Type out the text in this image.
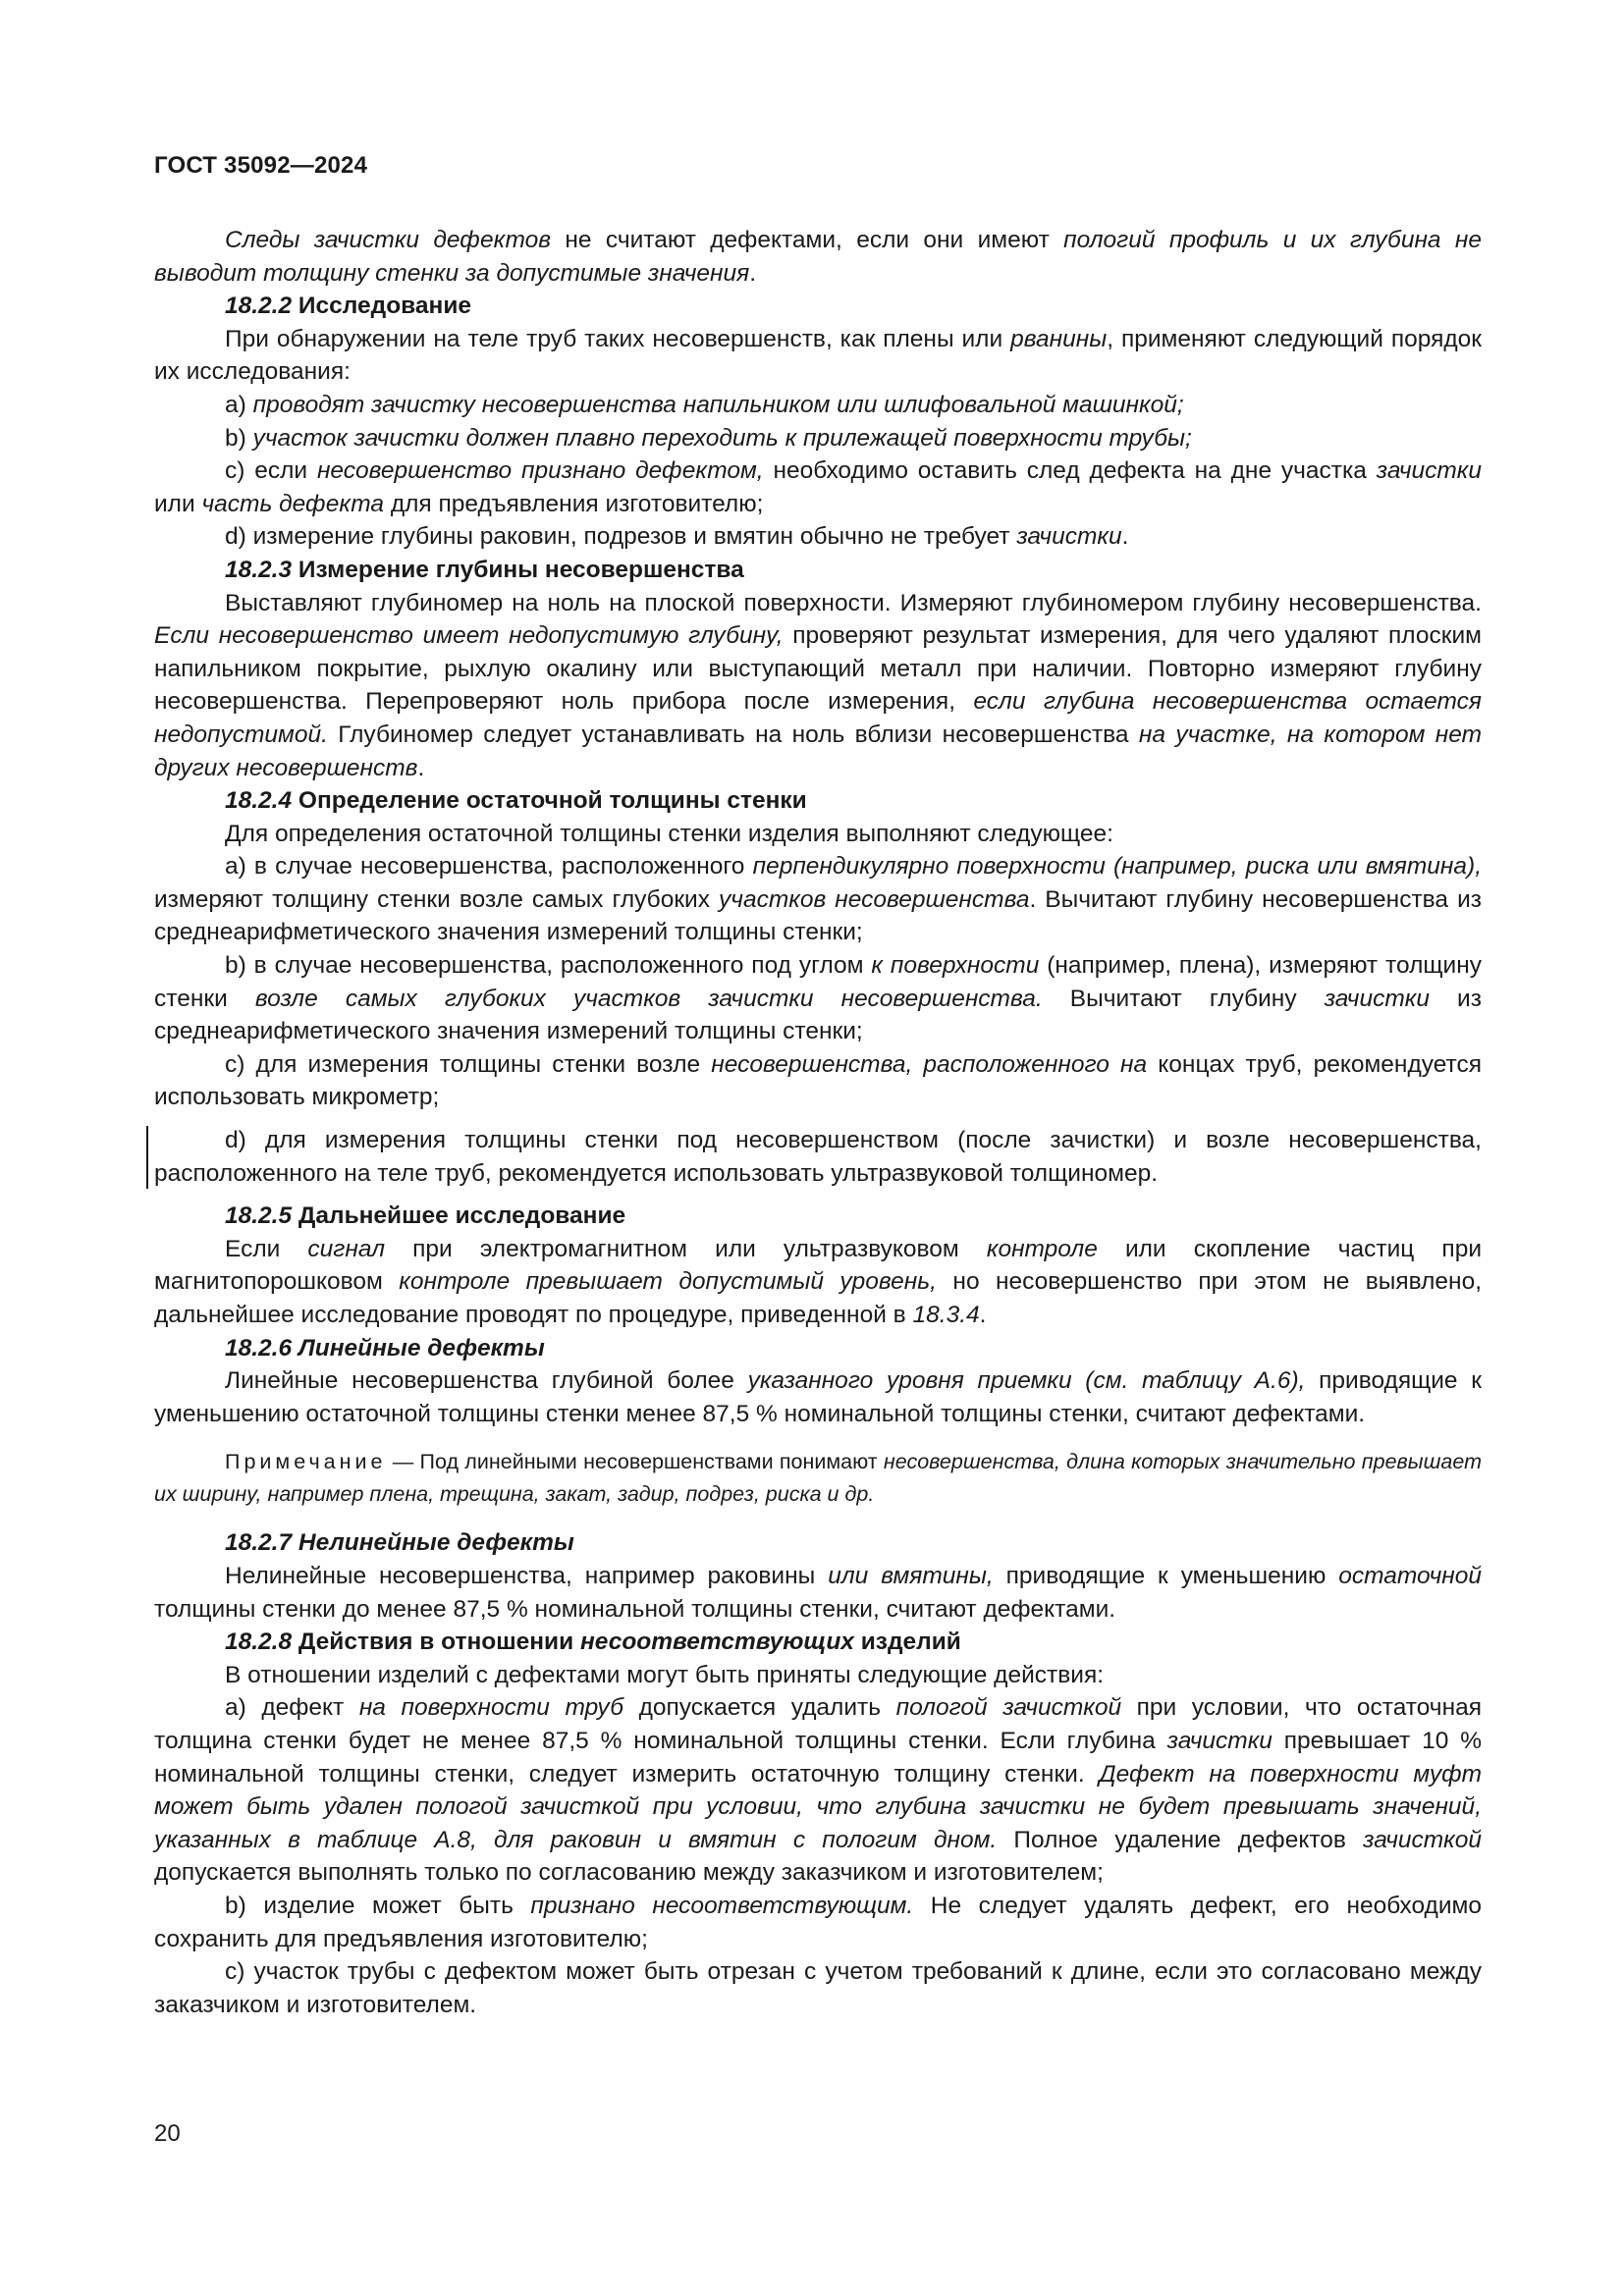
ГОСТ 35092—2024

Следы зачистки дефектов не считают дефектами, если они имеют пологий профиль и их глубина не выводит толщину стенки за допустимые значения.

18.2.2 Исследование

При обнаружении на теле труб таких несовершенств, как плены или рванины, применяют следующий порядок их исследования:

а) проводят зачистку несовершенства напильником или шлифовальной машинкой;

b) участок зачистки должен плавно переходить к прилежащей поверхности трубы;

c) если несовершенство признано дефектом, необходимо оставить след дефекта на дне участка зачистки или часть дефекта для предъявления изготовителю;

d) измерение глубины раковин, подрезов и вмятин обычно не требует зачистки.

18.2.3 Измерение глубины несовершенства

Выставляют глубиномер на ноль на плоской поверхности. Измеряют глубиномером глубину несовершенства. Если несовершенство имеет недопустимую глубину, проверяют результат измерения, для чего удаляют плоским напильником покрытие, рыхлую окалину или выступающий металл при наличии. Повторно измеряют глубину несовершенства. Перепроверяют ноль прибора после измерения, если глубина несовершенства остается недопустимой. Глубиномер следует устанавливать на ноль вблизи несовершенства на участке, на котором нет других несовершенств.

18.2.4 Определение остаточной толщины стенки

Для определения остаточной толщины стенки изделия выполняют следующее:

а) в случае несовершенства, расположенного перпендикулярно поверхности (например, риска или вмятина), измеряют толщину стенки возле самых глубоких участков несовершенства. Вычитают глубину несовершенства из среднеарифметического значения измерений толщины стенки;

b) в случае несовершенства, расположенного под углом к поверхности (например, плена), измеряют толщину стенки возле самых глубоких участков зачистки несовершенства. Вычитают глубину зачистки из среднеарифметического значения измерений толщины стенки;

c) для измерения толщины стенки возле несовершенства, расположенного на концах труб, рекомендуется использовать микрометр;

d) для измерения толщины стенки под несовершенством (после зачистки) и возле несовершенства, расположенного на теле труб, рекомендуется использовать ультразвуковой толщиномер.

18.2.5 Дальнейшее исследование

Если сигнал при электромагнитном или ультразвуковом контроле или скопление частиц при магнитопорошковом контроле превышает допустимый уровень, но несовершенство при этом не выявлено, дальнейшее исследование проводят по процедуре, приведенной в 18.3.4.

18.2.6 Линейные дефекты

Линейные несовершенства глубиной более указанного уровня приемки (см. таблицу А.6), приводящие к уменьшению остаточной толщины стенки менее 87,5 % номинальной толщины стенки, считают дефектами.

Примечание — Под линейными несовершенствами понимают несовершенства, длина которых значительно превышает их ширину, например плена, трещина, закат, задир, подрез, риска и др.

18.2.7 Нелинейные дефекты

Нелинейные несовершенства, например раковины или вмятины, приводящие к уменьшению остаточной толщины стенки до менее 87,5 % номинальной толщины стенки, считают дефектами.

18.2.8 Действия в отношении несоответствующих изделий

В отношении изделий с дефектами могут быть приняты следующие действия:

а) дефект на поверхности труб допускается удалить пологой зачисткой при условии, что остаточная толщина стенки будет не менее 87,5 % номинальной толщины стенки. Если глубина зачистки превышает 10 % номинальной толщины стенки, следует измерить остаточную толщину стенки. Дефект на поверхности муфт может быть удален пологой зачисткой при условии, что глубина зачистки не будет превышать значений, указанных в таблице А.8, для раковин и вмятин с пологим дном. Полное удаление дефектов зачисткой допускается выполнять только по согласованию между заказчиком и изготовителем;

b) изделие может быть признано несоответствующим. Не следует удалять дефект, его необходимо сохранить для предъявления изготовителю;

c) участок трубы с дефектом может быть отрезан с учетом требований к длине, если это согласовано между заказчиком и изготовителем.

20
